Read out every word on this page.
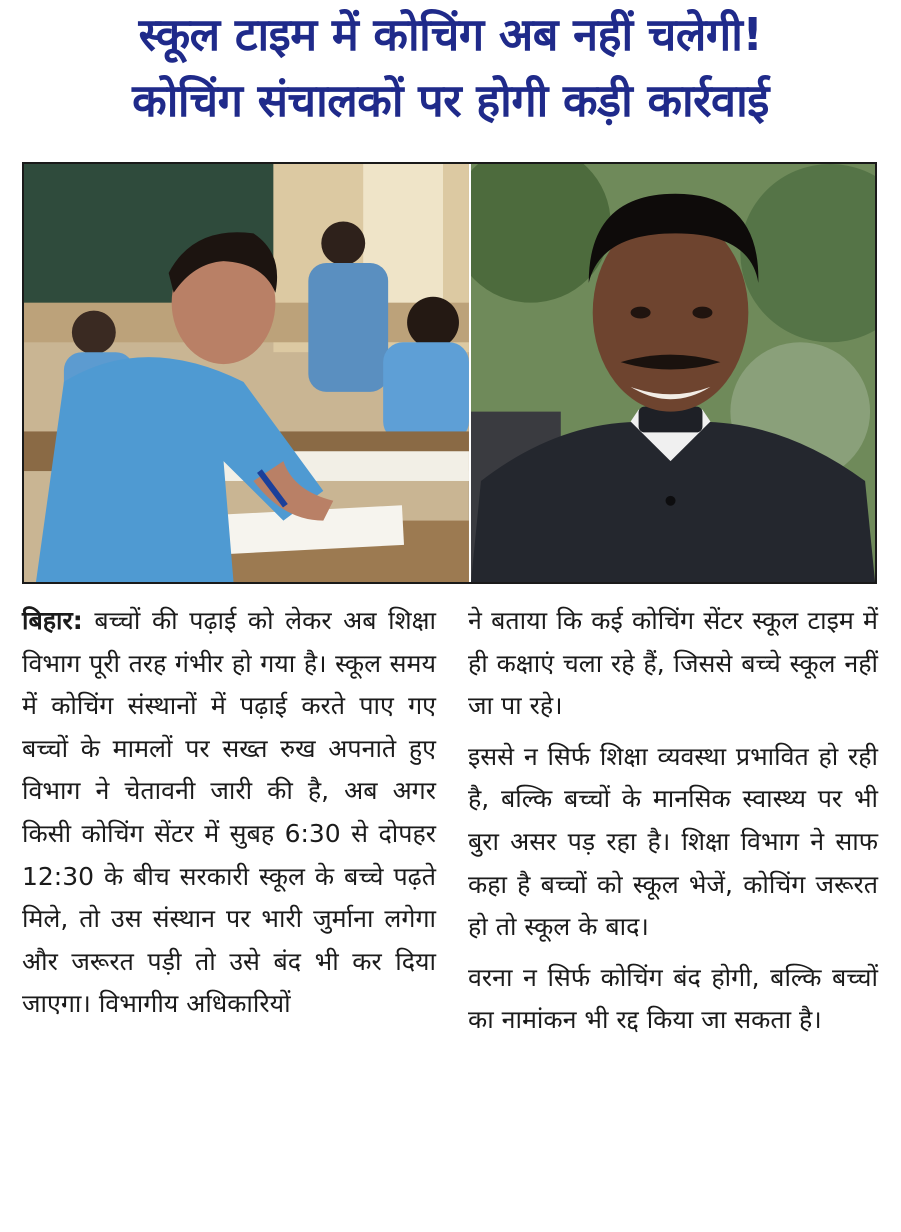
स्कूल टाइम में कोचिंग अब नहीं चलेगी!
कोचिंग संचालकों पर होगी कड़ी कार्रवाई

बिहार: बच्चों की पढ़ाई को लेकर अब शिक्षा विभाग पूरी तरह गंभीर हो गया है। स्कूल समय में कोचिंग संस्थानों में पढ़ाई करते पाए गए बच्चों के मामलों पर सख्त रुख अपनाते हुए विभाग ने चेतावनी जारी की है, अब अगर किसी कोचिंग सेंटर में सुबह 6:30 से दोपहर 12:30 के बीच सरकारी स्कूल के बच्चे पढ़ते मिले, तो उस संस्थान पर भारी जुर्माना लगेगा और जरूरत पड़ी तो उसे बंद भी कर दिया जाएगा। विभागीय अधिकारियों

ने बताया कि कई कोचिंग सेंटर स्कूल टाइम में ही कक्षाएं चला रहे हैं, जिससे बच्चे स्कूल नहीं जा पा रहे।

इससे न सिर्फ शिक्षा व्यवस्था प्रभावित हो रही है, बल्कि बच्चों के मानसिक स्वास्थ्य पर भी बुरा असर पड़ रहा है। शिक्षा विभाग ने साफ कहा है बच्चों को स्कूल भेजें, कोचिंग जरूरत हो तो स्कूल के बाद।

वरना न सिर्फ कोचिंग बंद होगी, बल्कि बच्चों का नामांकन भी रद्द किया जा सकता है।
